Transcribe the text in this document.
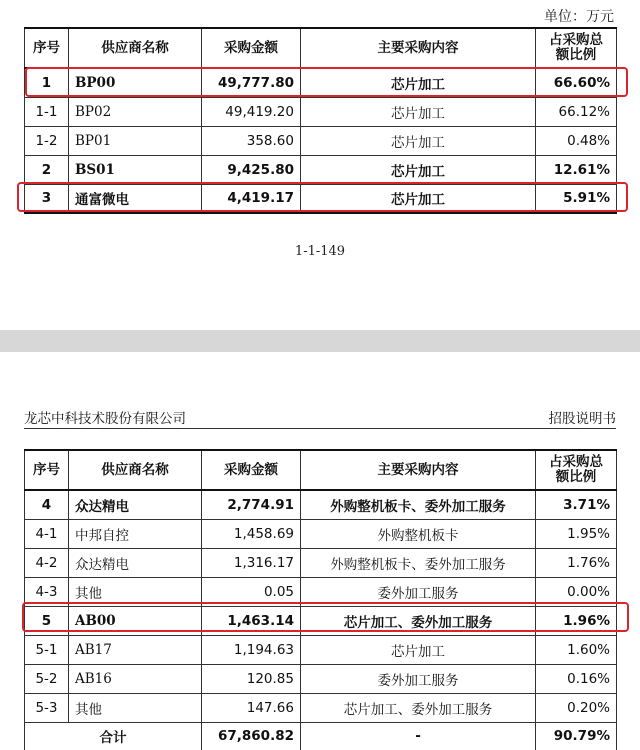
单位：万元
序号	供应商名称	采购金额	主要采购内容	占采购总额比例
1	BP00	49,777.80	芯片加工	66.60%
1-1	BP02	49,419.20	芯片加工	66.12%
1-2	BP01	358.60	芯片加工	0.48%
2	BS01	9,425.80	芯片加工	12.61%
3	通富微电	4,419.17	芯片加工	5.91%
1-1-149
龙芯中科技术股份有限公司	招股说明书
序号	供应商名称	采购金额	主要采购内容	占采购总额比例
4	众达精电	2,774.91	外购整机板卡、委外加工服务	3.71%
4-1	中邦自控	1,458.69	外购整机板卡	1.95%
4-2	众达精电	1,316.17	外购整机板卡、委外加工服务	1.76%
4-3	其他	0.05	委外加工服务	0.00%
5	AB00	1,463.14	芯片加工、委外加工服务	1.96%
5-1	AB17	1,194.63	芯片加工	1.60%
5-2	AB16	120.85	委外加工服务	0.16%
5-3	其他	147.66	芯片加工、委外加工服务	0.20%
合计		67,860.82	-	90.79%
